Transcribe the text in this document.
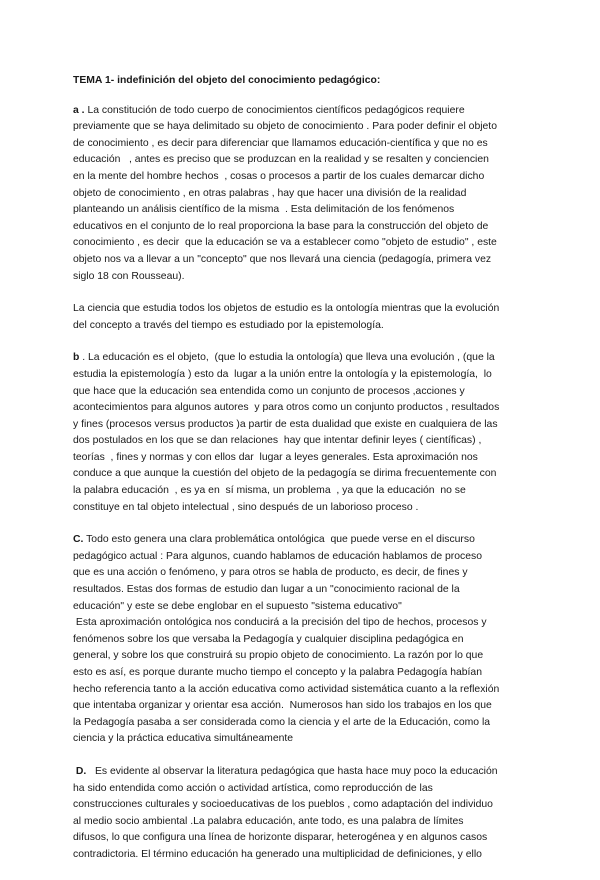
TEMA 1- indefinición del objeto del conocimiento pedagógico:
a . La constitución de todo cuerpo de conocimientos científicos pedagógicos requiere
previamente que se haya delimitado su objeto de conocimiento . Para poder definir el objeto
de conocimiento , es decir para diferenciar que llamamos educación-científica y que no es
educación   , antes es preciso que se produzcan en la realidad y se resalten y conciencien
en la mente del hombre hechos  , cosas o procesos a partir de los cuales demarcar dicho
objeto de conocimiento , en otras palabras , hay que hacer una división de la realidad
planteando un análisis científico de la misma  . Esta delimitación de los fenómenos
educativos en el conjunto de lo real proporciona la base para la construcción del objeto de
conocimiento , es decir  que la educación se va a establecer como "objeto de estudio" , este
objeto nos va a llevar a un "concepto" que nos llevará una ciencia (pedagogía, primera vez
siglo 18 con Rousseau).
La ciencia que estudia todos los objetos de estudio es la ontología mientras que la evolución
del concepto a través del tiempo es estudiado por la epistemología.
b . La educación es el objeto,  (que lo estudia la ontología) que lleva una evolución , (que la
estudia la epistemología ) esto da  lugar a la unión entre la ontología y la epistemología,  lo
que hace que la educación sea entendida como un conjunto de procesos ,acciones y
acontecimientos para algunos autores  y para otros como un conjunto productos , resultados
y fines (procesos versus productos )a partir de esta dualidad que existe en cualquiera de las
dos postulados en los que se dan relaciones  hay que intentar definir leyes ( científicas) ,
teorías  , fines y normas y con ellos dar  lugar a leyes generales. Esta aproximación nos
conduce a que aunque la cuestión del objeto de la pedagogía se dirima frecuentemente con
la palabra educación  , es ya en  sí misma, un problema  , ya que la educación  no se
constituye en tal objeto intelectual , sino después de un laborioso proceso .
C. Todo esto genera una clara problemática ontológica  que puede verse en el discurso
pedagógico actual : Para algunos, cuando hablamos de educación hablamos de proceso
que es una acción o fenómeno, y para otros se habla de producto, es decir, de fines y
resultados. Estas dos formas de estudio dan lugar a un "conocimiento racional de la
educación" y este se debe englobar en el supuesto "sistema educativo"
Esta aproximación ontológica nos conducirá a la precisión del tipo de hechos, procesos y
fenómenos sobre los que versaba la Pedagogía y cualquier disciplina pedagógica en
general, y sobre los que construirá su propio objeto de conocimiento. La razón por lo que
esto es así, es porque durante mucho tiempo el concepto y la palabra Pedagogía habían
hecho referencia tanto a la acción educativa como actividad sistemática cuanto a la reflexión
que intentaba organizar y orientar esa acción.  Numerosos han sido los trabajos en los que
la Pedagogía pasaba a ser considerada como la ciencia y el arte de la Educación, como la
ciencia y la práctica educativa simultáneamente
D.   Es evidente al observar la literatura pedagógica que hasta hace muy poco la educación
ha sido entendida como acción o actividad artística, como reproducción de las
construcciones culturales y socioeducativas de los pueblos , como adaptación del individuo
al medio socio ambiental .La palabra educación, ante todo, es una palabra de límites
difusos, lo que configura una línea de horizonte disparar, heterogénea y en algunos casos
contradictoria. El término educación ha generado una multiplicidad de definiciones, y ello
